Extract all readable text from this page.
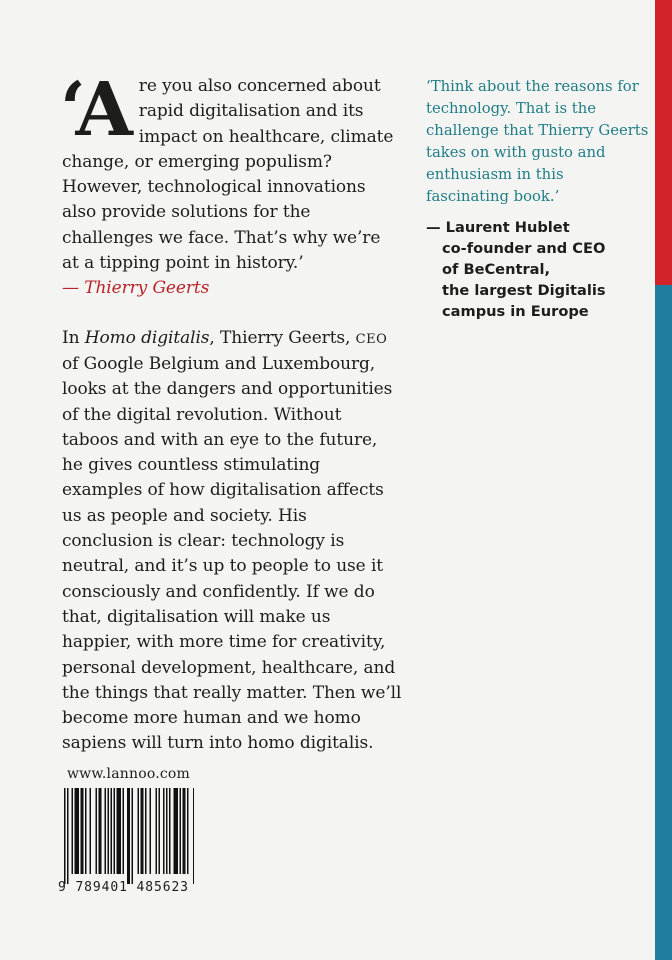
‘Are you also concerned about rapid digitalisation and its impact on healthcare, climate change, or emerging populism? However, technological innovations also provide solutions for the challenges we face. That’s why we’re at a tipping point in history.’ — Thierry Geerts

In Homo digitalis, Thierry Geerts, CEO of Google Belgium and Luxembourg, looks at the dangers and opportunities of the digital revolution. Without taboos and with an eye to the future, he gives countless stimulating examples of how digitalisation affects us as people and society. His conclusion is clear: technology is neutral, and it’s up to people to use it consciously and confidently. If we do that, digitalisation will make us happier, with more time for creativity, personal development, healthcare, and the things that really matter. Then we’ll become more human and we homo sapiens will turn into homo digitalis.

‘Think about the reasons for technology. That is the challenge that Thierry Geerts takes on with gusto and enthusiasm in this fascinating book.’

— Laurent Hublet
co-founder and CEO
of BeCentral,
the largest Digitalis
campus in Europe
www.lannoo.com
9 789401 485623
